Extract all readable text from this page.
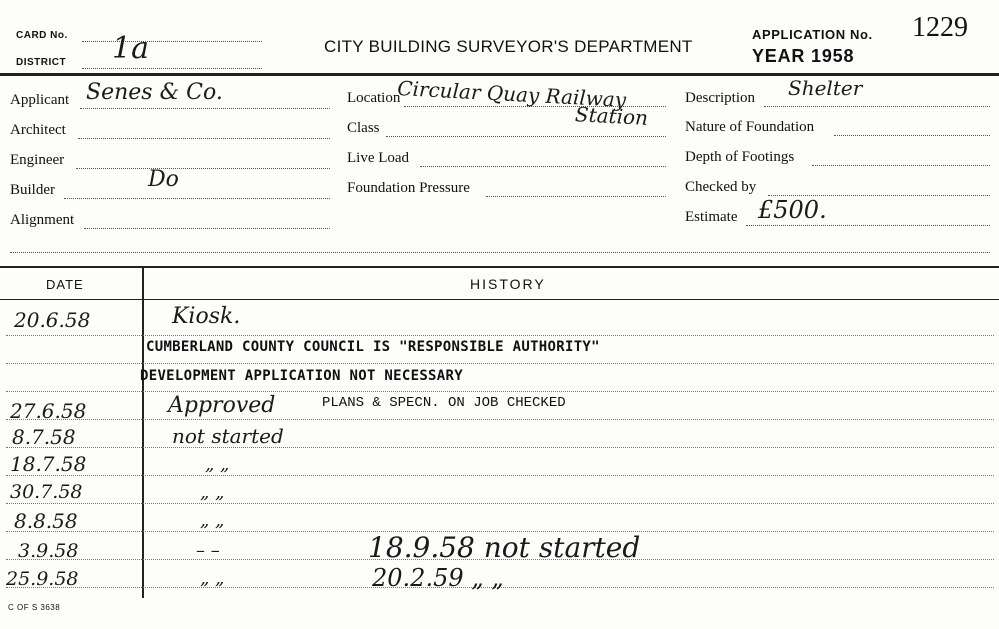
CARD No.
DISTRICT 1a	CITY BUILDING SURVEYOR'S DEPARTMENT
APPLICATION No. 1229
YEAR 1958
Applicant Senes & Co.
Architect
Engineer
Builder	Do
Alignment
Location
Circular Quay Railway
Station
Class
Live Load
Foundation Pressure
Description Shelter
Nature of Foundation
Depth of Footings
Checked by
Estimate £500.
DATE	HISTORY
20.6.58	Kiosk.
CUMBERLAND COUNTY COUNCIL IS "RESPONSIBLE AUTHORITY"
DEVELOPMENT APPLICATION NOT NECESSARY
27.6.58	Approved	PLANS & SPECN. ON JOB CHECKED
8.7.58	not started
18.7.58	„ „
30.7.58	„ „
8.8.58	„ „
3.9.58	– –	18.9.58 not started
25.9.58	„ „	20.2.59 „ „
C OF S 3638
